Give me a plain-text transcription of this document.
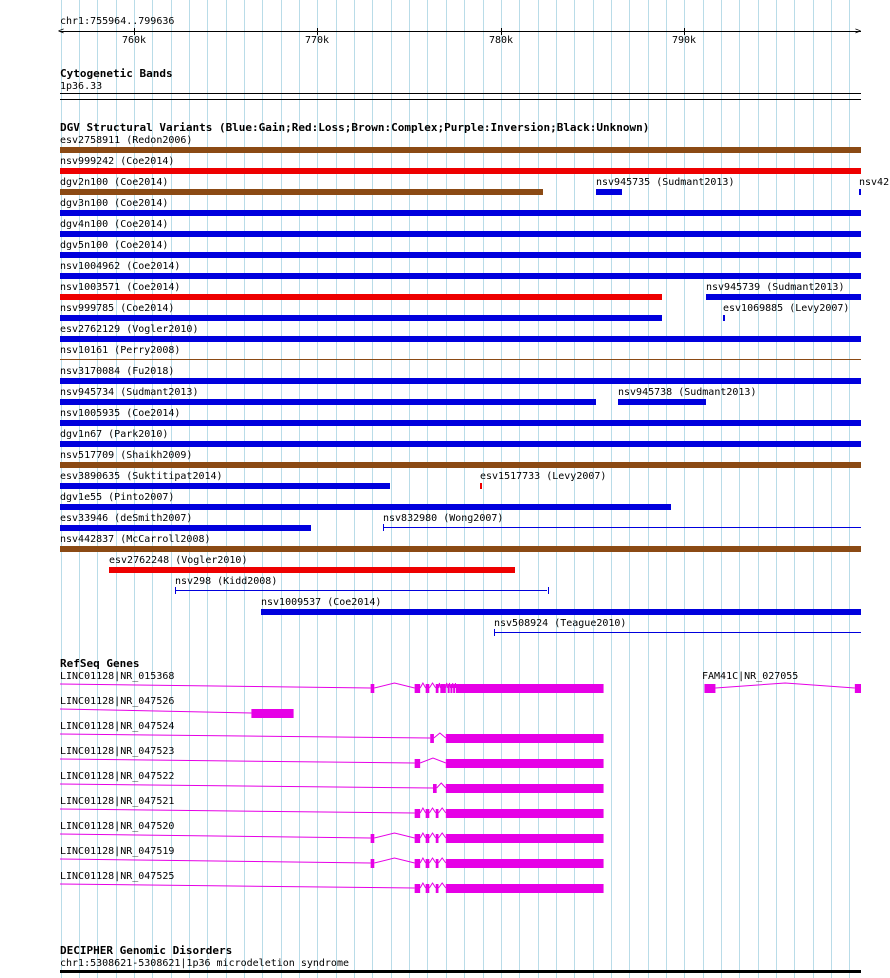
chr1:755964..799636
<	>
760k	770k	780k	790k
Cytogenetic Bands
1p36.33
DGV Structural Variants (Blue:Gain;Red:Loss;Brown:Complex;Purple:Inversion;Black:Unknown)
esv2758911 (Redon2006)
nsv999242 (Coe2014)
dgv2n100 (Coe2014)	nsv945735 (Sudmant2013)	nsv42
dgv3n100 (Coe2014)
dgv4n100 (Coe2014)
dgv5n100 (Coe2014)
nsv1004962 (Coe2014)
nsv1003571 (Coe2014)	nsv945739 (Sudmant2013)
nsv999785 (Coe2014)	esv1069885 (Levy2007)
esv2762129 (Vogler2010)
nsv10161 (Perry2008)
nsv3170084 (Fu2018)
nsv945734 (Sudmant2013)	nsv945738 (Sudmant2013)
nsv1005935 (Coe2014)
dgv1n67 (Park2010)
nsv517709 (Shaikh2009)
esv3890635 (Suktitipat2014)	esv1517733 (Levy2007)
dgv1e55 (Pinto2007)
esv33946 (deSmith2007)	nsv832980 (Wong2007)
nsv442837 (McCarroll2008)
esv2762248 (Vogler2010)
nsv298 (Kidd2008)
nsv1009537 (Coe2014)
nsv508924 (Teague2010)
RefSeq Genes
LINC01128|NR_015368	FAM41C|NR_027055
LINC01128|NR_047526
LINC01128|NR_047524
LINC01128|NR_047523
LINC01128|NR_047522
LINC01128|NR_047521
LINC01128|NR_047520
LINC01128|NR_047519
LINC01128|NR_047525
DECIPHER Genomic Disorders
chr1:5308621-5308621|1p36 microdeletion syndrome
